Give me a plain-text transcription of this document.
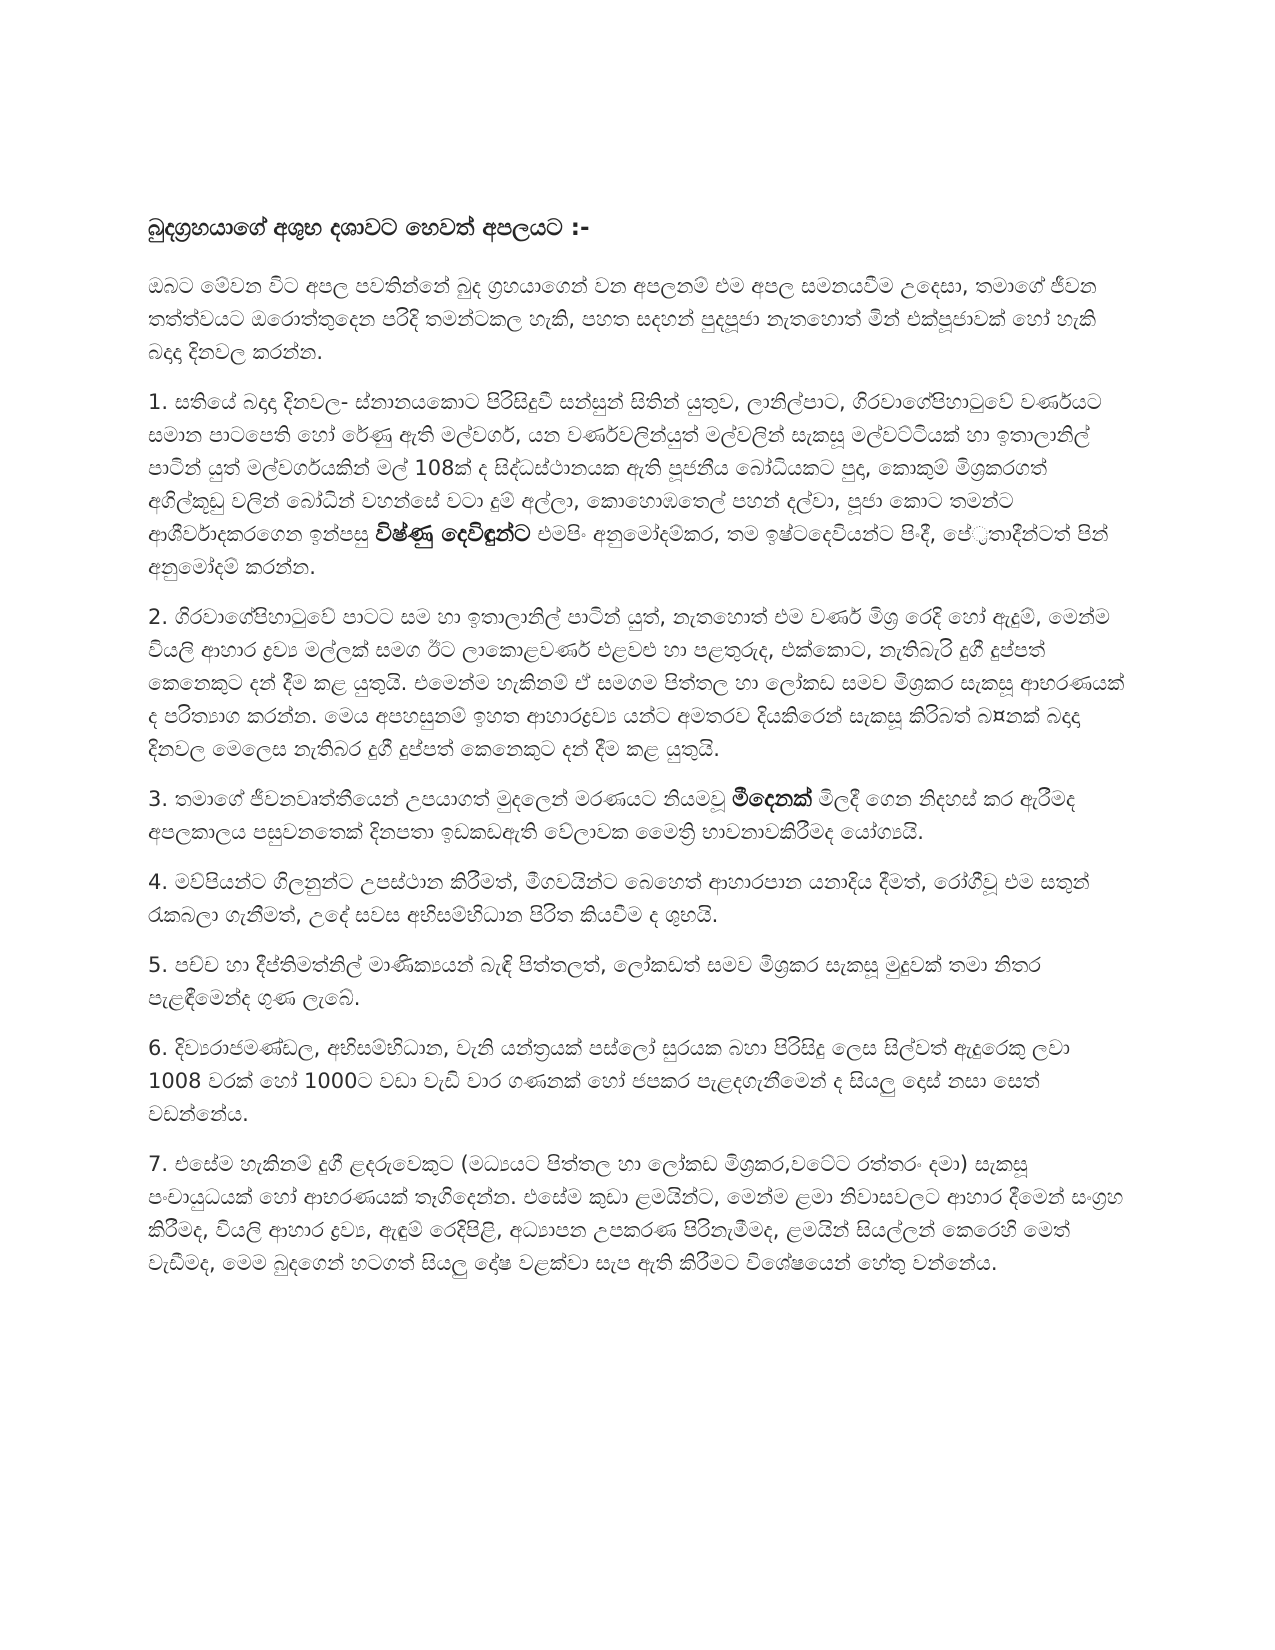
බුදග්‍රහයාගේ අශුභ දශාවට හෙවත් අපලයට :-

ඔබට මේවන විට අපල පවතින්නේ බුද ග්‍රහයාගෙන් වන අපලනම් එම අපල සමනයවීම උදෙසා, තමාගේ ජීවන තත්ත්වයට ඔරොත්තුදෙන පරිදි තමන්ටකල හැකි, පහත සදහන් පුදපූජා නැතහොත් මින් එක්පූජාවක් හෝ හැකි බදාදා දිනවල කරන්න.

1. සතියේ බදාදා දිනවල- ස්නානයකොට පිරිසිදුවී සන්සුන් සිතින් යුතුව, ලානිල්පාට, ගිරවාගේපිහාටුවේ වර්ණයට සමාන පාටපෙති හෝ රේණු ඇති මල්වර්ග, යන වර්ණවලින්යුත් මල්වලින් සැකසූ මල්වට්ටියක් හා ඉතාලානිල් පාටින් යුත් මල්වර්ගයකින් මල් 108ක් ද සිද්ධස්ථානයක ඇති පූජනීය බෝධියකට පුදා, කොකුම් මිශ්‍රකරගත් අගිල්කූඩු වලින් බෝධින් වහන්සේ වටා දුම් අල්ලා, කොහොඹතෙල් පහන් දල්වා, පූජා කොට තමන්ට ආශීර්වාදකරගෙන ඉන්පසු විෂ්ණු දෙවිඳුන්ට එමපිං අනුමෝදම්කර, තම ඉෂ්ටදෙවියන්ට පිංදී, පේ්‍රතාදීන්ටත් පින් අනුමෝදම් කරන්න.

2. ගිරවාගේපිහාටුවේ පාටට සම හා ඉතාලානිල් පාටින් යුත්, නැතහොත් එම වර්ණ මිශ්‍ර රෙදි හෝ ඇදුම්, මෙන්ම වියලි ආහාර ද්‍රව්‍ය මල්ලක් සමග ඊට ලාකොළවර්ණ එළවළු හා පළතුරුද, එක්කොට, නැතිබැරි දුගී දුප්පත් කෙනෙකුට දන් දීම කළ යුතුයි. එමෙන්ම හැකිනම් ඒ සමගම පිත්තල හා ලෝකඩ සමව මිශ්‍රකර සැකසූ ආභරණයක් ද පරිත්‍යාග කරන්න. මෙය අපහසුනම් ඉහත ආහාරද්‍රව්‍ය යන්ට අමතරව දියකිරෙන් සැකසූ කිරිබත් බ¤නක් බදාදා දිනවල මෙලෙස නැතිබර දුගී දුප්පත් කෙනෙකුට දන් දීම කළ යුතුයි.

3. තමාගේ ජීවනවෘත්තීයෙන් උපයාගත් මුදලෙන් මරණයට නියමවූ මීදෙනක් මිලදී ගෙන නිදහස් කර ඇරීමද අපලකාලය පසුවනතෙක් දිනපතා ඉඩකඩඇති වේලාවක මෛත්‍රි භාවනාවකිරීමද යෝග්‍යයි.

4. මව්පියන්ට ගිලනුන්ට උපස්ථාන කිරීමත්, මීගවයින්ට බෙහෙත් ආහාරපාන යනාදිය දීමත්, රෝගීවූ එම සතුන් රැකබලා ගැනීමත්, උදේ සවස අභිසම්භිධාන පිරිත කියවීම ද ශුභයි.

5. පච්ච හා දීප්තිමත්නිල් මාණික්‍යයන් බැඳි පිත්තලත්, ලෝකඩත් සමව මිශ්‍රකර සැකසූ මුදුවක් තමා නිතර පැළඳීමෙන්ද ගුණ ලැබේ.

6. දිව්‍යරාජමණ්ඩල, අභිසම්භිධාන, වැනි යන්ත්‍රයක් පස්ලෝ සුරයක බහා පිරිසිදු ලෙස සිල්වත් ඇදුරෙකු ලවා 1008 වරක් හෝ 1000ට වඩා වැඩි වාර ගණනක් හෝ ජපකර පැළදගැනීමෙන් ද සියලු දොස් නසා සෙත් වඩන්නේය.

7. එසේම හැකිනම් දුගී ළදරුවෙකුට (මධ්‍යයට පිත්තල හා ලෝකඩ මිශ්‍රකර,වටේට රත්තරං දමා) සැකසූ පංචායුධයක් හෝ ආභරණයක් තෑගිදෙන්න. එසේම කුඩා ළමයින්ට, මෙන්ම ළමා නිවාසවලට ආහාර දීමෙන් සංග්‍රහ කිරීමද, වියලි ආහාර ද්‍රව්‍ය, ඇඳුම් රෙදිපිළි, අධ්‍යාපන උපකරණ පිරිනැමීමද, ළමයින් සියල්ලන් කෙරෙහි මෙත් වැඩීමද, මෙම බුදගෙන් හටගත් සියලු දෝෂ වළක්වා සැප ඇති කිරීමට විශේෂයෙන් හේතු වන්නේය.
